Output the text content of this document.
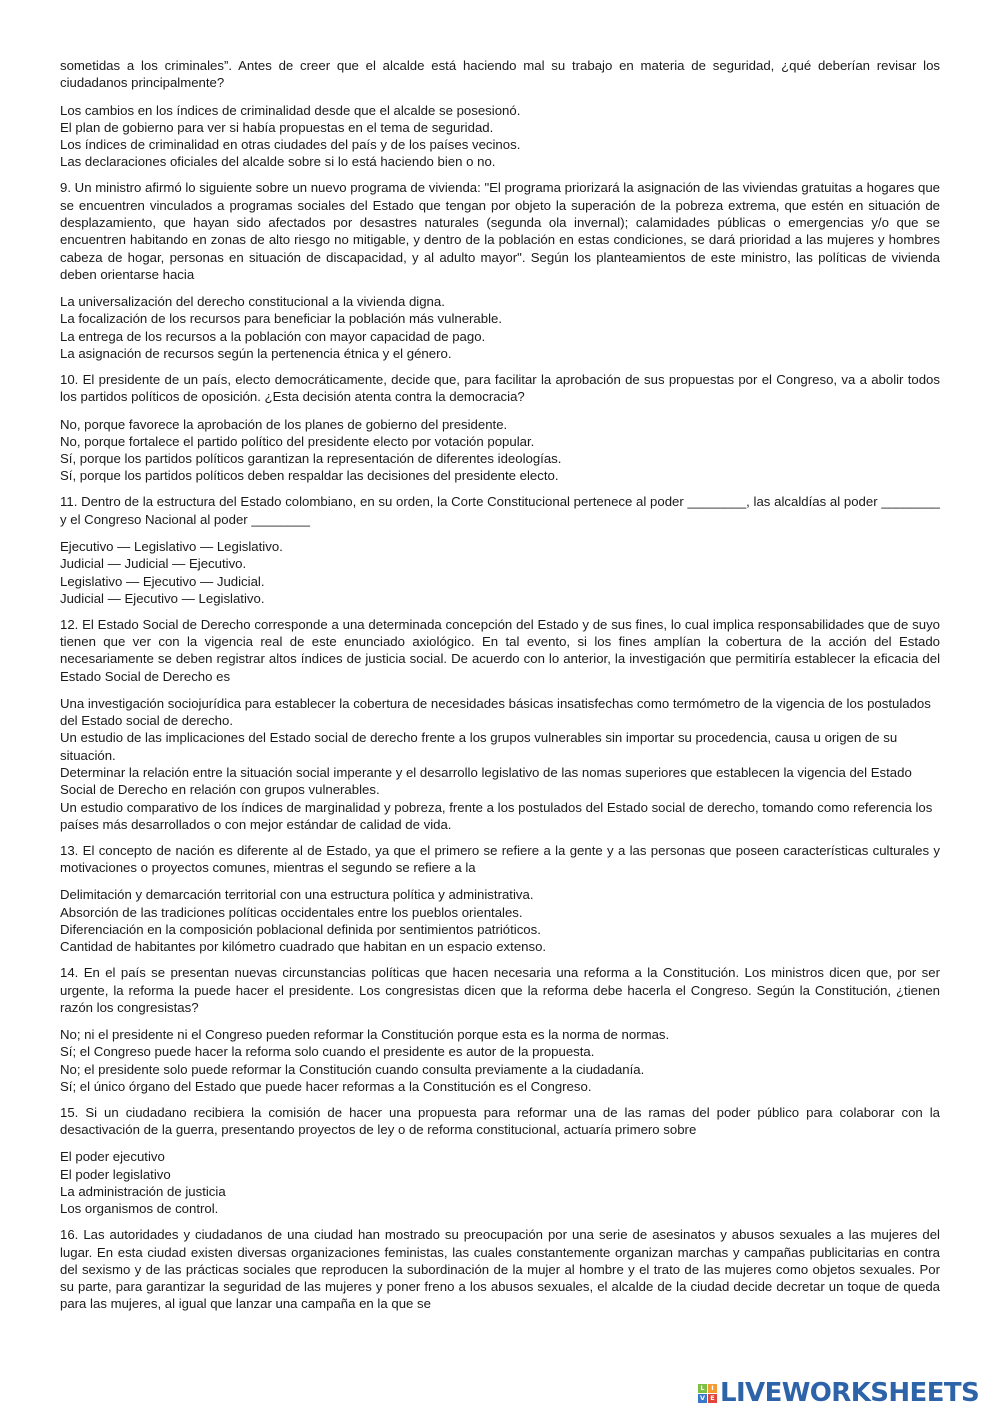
sometidas a los criminales”. Antes de creer que el alcalde está haciendo mal su trabajo en materia de seguridad, ¿qué deberían revisar los ciudadanos principalmente?

Los cambios en los índices de criminalidad desde que el alcalde se posesionó.
El plan de gobierno para ver si había propuestas en el tema de seguridad.
Los índices de criminalidad en otras ciudades del país y de los países vecinos.
Las declaraciones oficiales del alcalde sobre si lo está haciendo bien o no.

9. Un ministro afirmó lo siguiente sobre un nuevo programa de vivienda: "El programa priorizará la asignación de las viviendas gratuitas a hogares que se encuentren vinculados a programas sociales del Estado que tengan por objeto la superación de la pobreza extrema, que estén en situación de desplazamiento, que hayan sido afectados por desastres naturales (segunda ola invernal); calamidades públicas o emergencias y/o que se encuentren habitando en zonas de alto riesgo no mitigable, y dentro de la población en estas condiciones, se dará prioridad a las mujeres y hombres cabeza de hogar, personas en situación de discapacidad, y al adulto mayor". Según los planteamientos de este ministro, las políticas de vivienda deben orientarse hacia

La universalización del derecho constitucional a la vivienda digna.
La focalización de los recursos para beneficiar la población más vulnerable.
La entrega de los recursos a la población con mayor capacidad de pago.
La asignación de recursos según la pertenencia étnica y el género.

10. El presidente de un país, electo democráticamente, decide que, para facilitar la aprobación de sus propuestas por el Congreso, va a abolir todos los partidos políticos de oposición. ¿Esta decisión atenta contra la democracia?

No, porque favorece la aprobación de los planes de gobierno del presidente.
No, porque fortalece el partido político del presidente electo por votación popular.
Sí, porque los partidos políticos garantizan la representación de diferentes ideologías.
Sí, porque los partidos políticos deben respaldar las decisiones del presidente electo.

11. Dentro de la estructura del Estado colombiano, en su orden, la Corte Constitucional pertenece al poder ________, las alcaldías al poder ________ y el Congreso Nacional al poder ________

Ejecutivo — Legislativo — Legislativo.
Judicial — Judicial — Ejecutivo.
Legislativo — Ejecutivo — Judicial.
Judicial — Ejecutivo — Legislativo.

12. El Estado Social de Derecho corresponde a una determinada concepción del Estado y de sus fines, lo cual implica responsabilidades que de suyo tienen que ver con la vigencia real de este enunciado axiológico. En tal evento, si los fines amplían la cobertura de la acción del Estado necesariamente se deben registrar altos índices de justicia social. De acuerdo con lo anterior, la investigación que permitiría establecer la eficacia del Estado Social de Derecho es

Una investigación sociojurídica para establecer la cobertura de necesidades básicas insatisfechas como termómetro de la vigencia de los postulados del Estado social de derecho.
Un estudio de las implicaciones del Estado social de derecho frente a los grupos vulnerables sin importar su procedencia, causa u origen de su situación.
Determinar la relación entre la situación social imperante y el desarrollo legislativo de las nomas superiores que establecen la vigencia del Estado Social de Derecho en relación con grupos vulnerables.
Un estudio comparativo de los índices de marginalidad y pobreza, frente a los postulados del Estado social de derecho, tomando como referencia los países más desarrollados o con mejor estándar de calidad de vida.

13. El concepto de nación es diferente al de Estado, ya que el primero se refiere a la gente y a las personas que poseen características culturales y motivaciones o proyectos comunes, mientras el segundo se refiere a la

Delimitación y demarcación territorial con una estructura política y administrativa.
Absorción de las tradiciones políticas occidentales entre los pueblos orientales.
Diferenciación en la composición poblacional definida por sentimientos patrióticos.
Cantidad de habitantes por kilómetro cuadrado que habitan en un espacio extenso.

14. En el país se presentan nuevas circunstancias políticas que hacen necesaria una reforma a la Constitución. Los ministros dicen que, por ser urgente, la reforma la puede hacer el presidente. Los congresistas dicen que la reforma debe hacerla el Congreso. Según la Constitución, ¿tienen razón los congresistas?

No; ni el presidente ni el Congreso pueden reformar la Constitución porque esta es la norma de normas.
Sí; el Congreso puede hacer la reforma solo cuando el presidente es autor de la propuesta.
No; el presidente solo puede reformar la Constitución cuando consulta previamente a la ciudadanía.
Sí; el único órgano del Estado que puede hacer reformas a la Constitución es el Congreso.

15. Si un ciudadano recibiera la comisión de hacer una propuesta para reformar una de las ramas del poder público para colaborar con la desactivación de la guerra, presentando proyectos de ley o de reforma constitucional, actuaría primero sobre

El poder ejecutivo
El poder legislativo
La administración de justicia
Los organismos de control.

16. Las autoridades y ciudadanos de una ciudad han mostrado su preocupación por una serie de asesinatos y abusos sexuales a las mujeres del lugar. En esta ciudad existen diversas organizaciones feministas, las cuales constantemente organizan marchas y campañas publicitarias en contra del sexismo y de las prácticas sociales que reproducen la subordinación de la mujer al hombre y el trato de las mujeres como objetos sexuales. Por su parte, para garantizar la seguridad de las mujeres y poner freno a los abusos sexuales, el alcalde de la ciudad decide decretar un toque de queda para las mujeres, al igual que lanzar una campaña en la que se

L	I
V E LIVEWORKSHEETS
